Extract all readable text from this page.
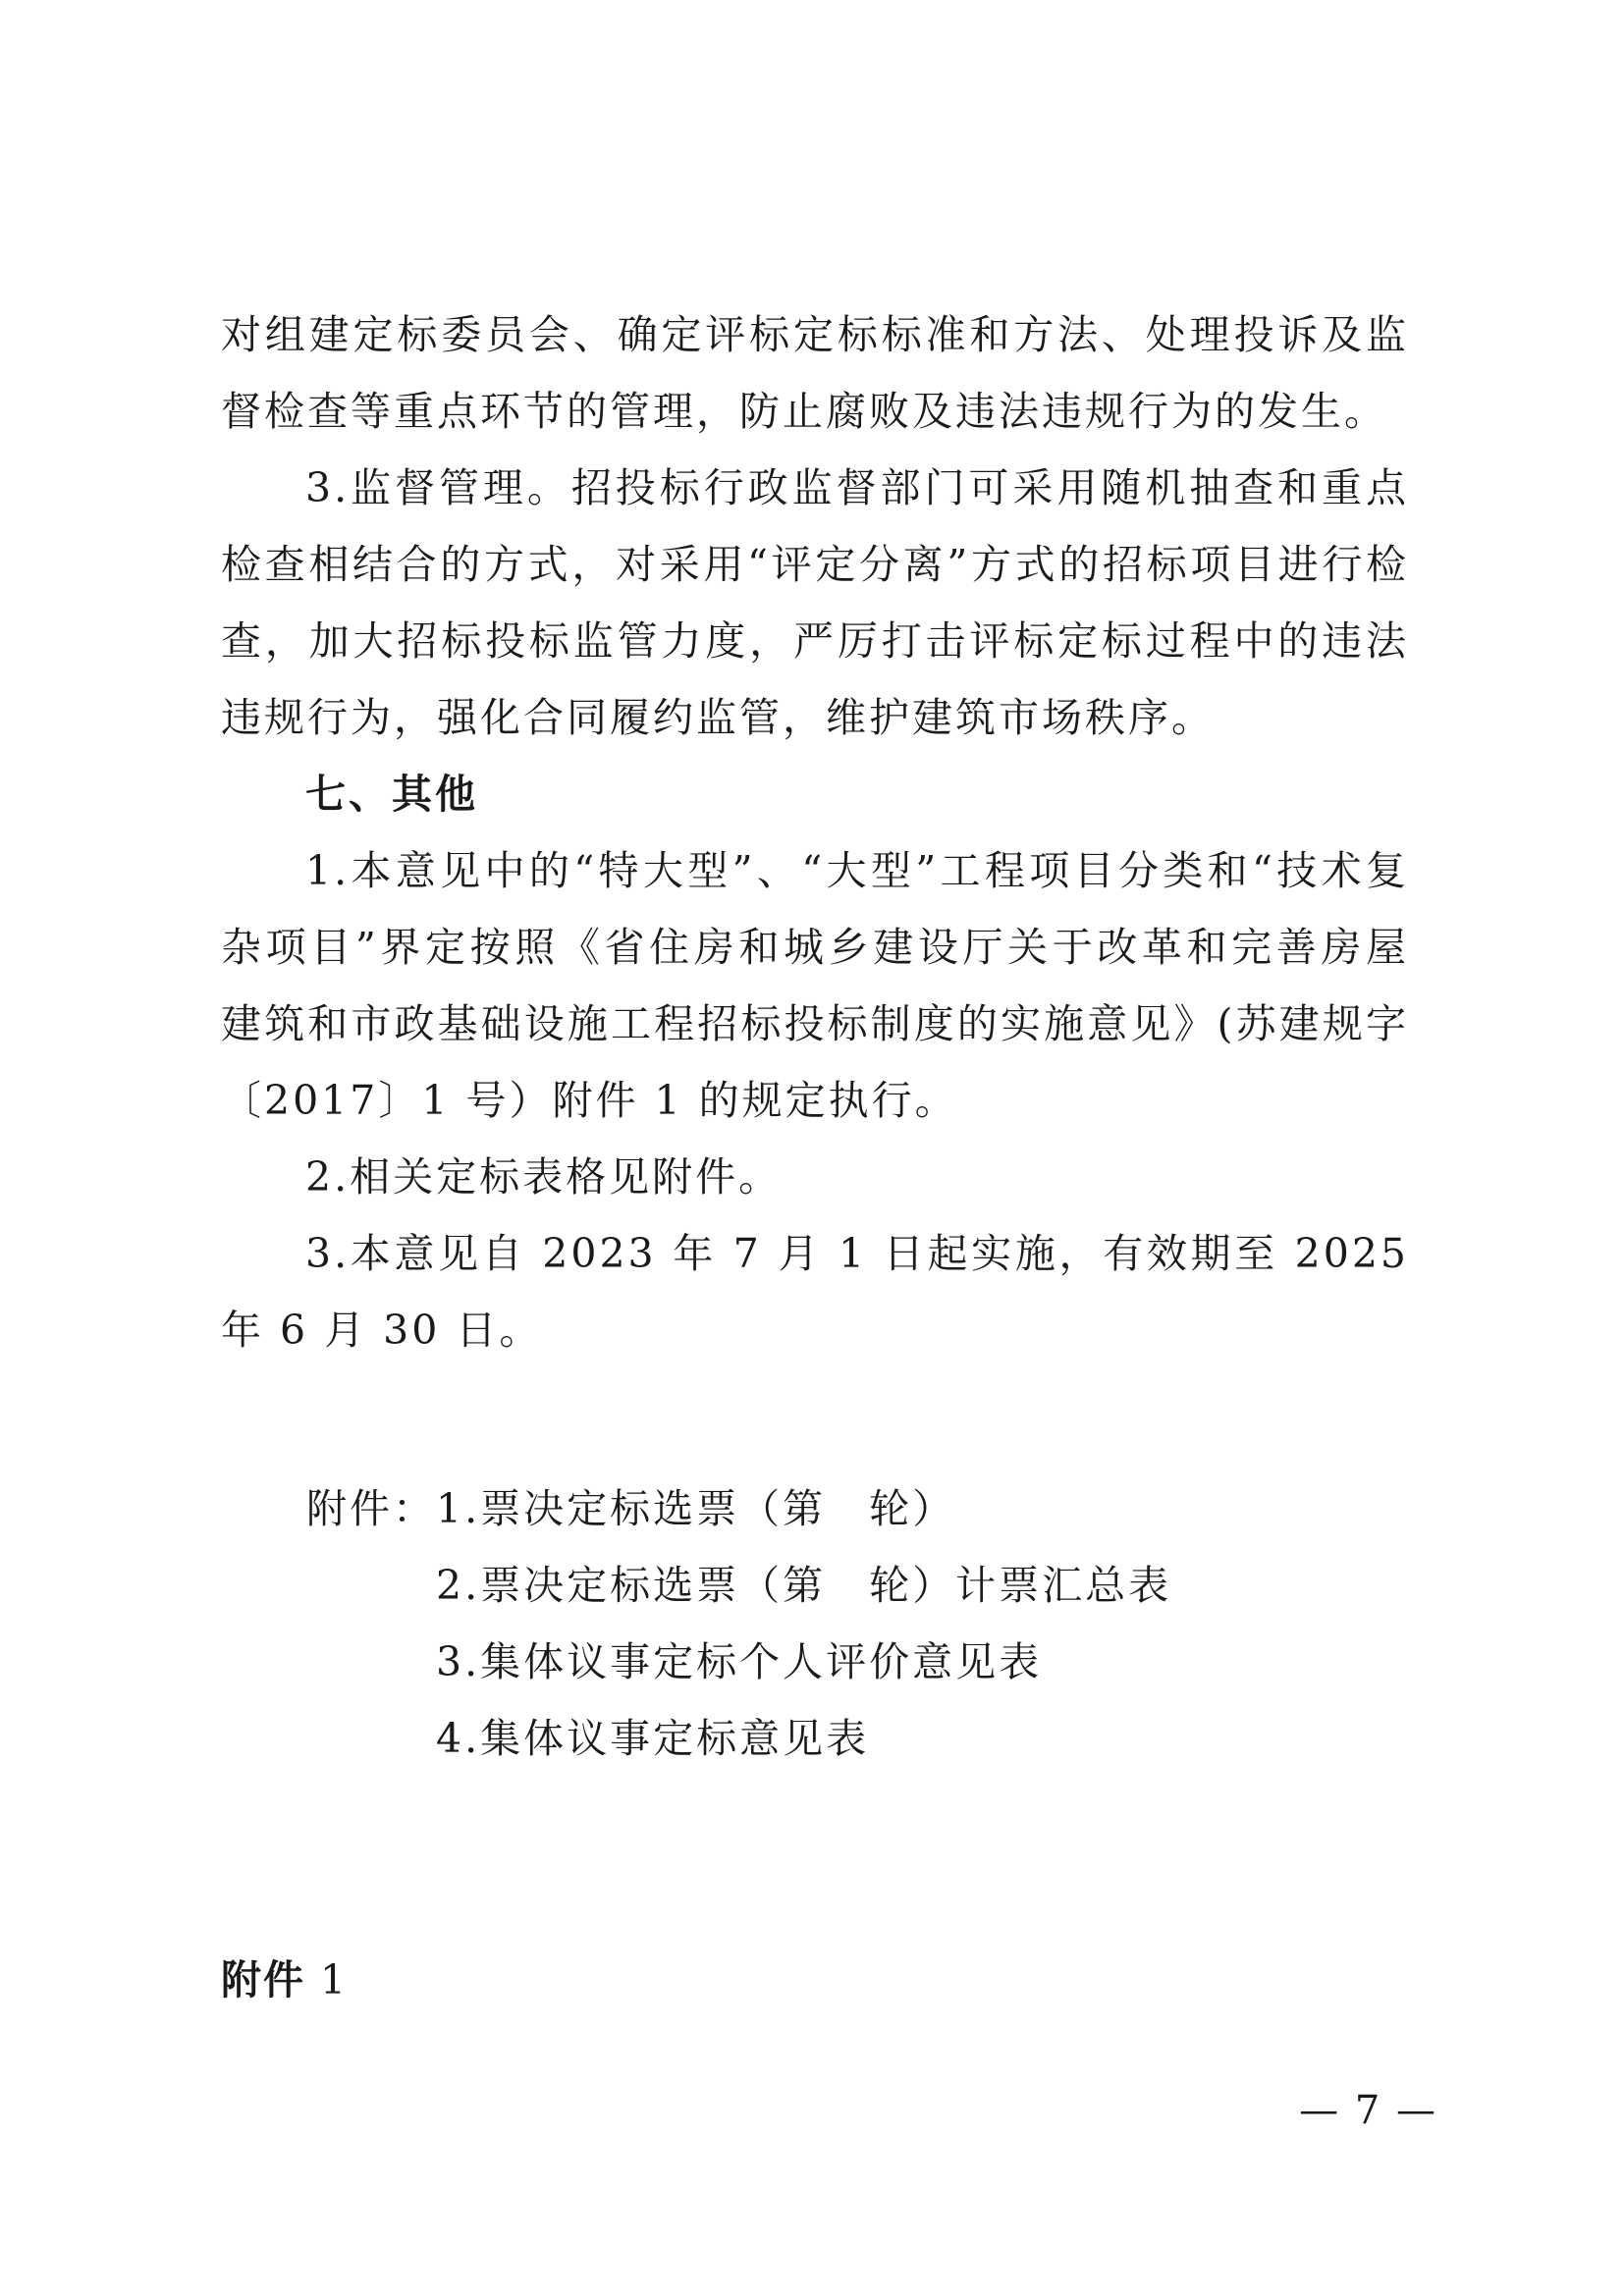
对组建定标委员会、确定评标定标标准和方法、处理投诉及监督检查等重点环节的管理，防止腐败及违法违规行为的发生。

3.监督管理。招投标行政监督部门可采用随机抽查和重点检查相结合的方式，对采用“评定分离”方式的招标项目进行检查，加大招标投标监管力度，严厉打击评标定标过程中的违法违规行为，强化合同履约监管，维护建筑市场秩序。

七、其他

1.本意见中的“特大型”、“大型”工程项目分类和“技术复杂项目”界定按照《省住房和城乡建设厅关于改革和完善房屋建筑和市政基础设施工程招标投标制度的实施意见》(苏建规字〔2017〕1 号）附件 1 的规定执行。

2.相关定标表格见附件。

3.本意见自 2023 年 7 月 1 日起实施，有效期至 2025 年 6 月 30 日。

附件： 1.票决定标选票（第　轮）
2.票决定标选票（第　轮）计票汇总表
3.集体议事定标个人评价意见表
4.集体议事定标意见表
附件 1
— 7 —
